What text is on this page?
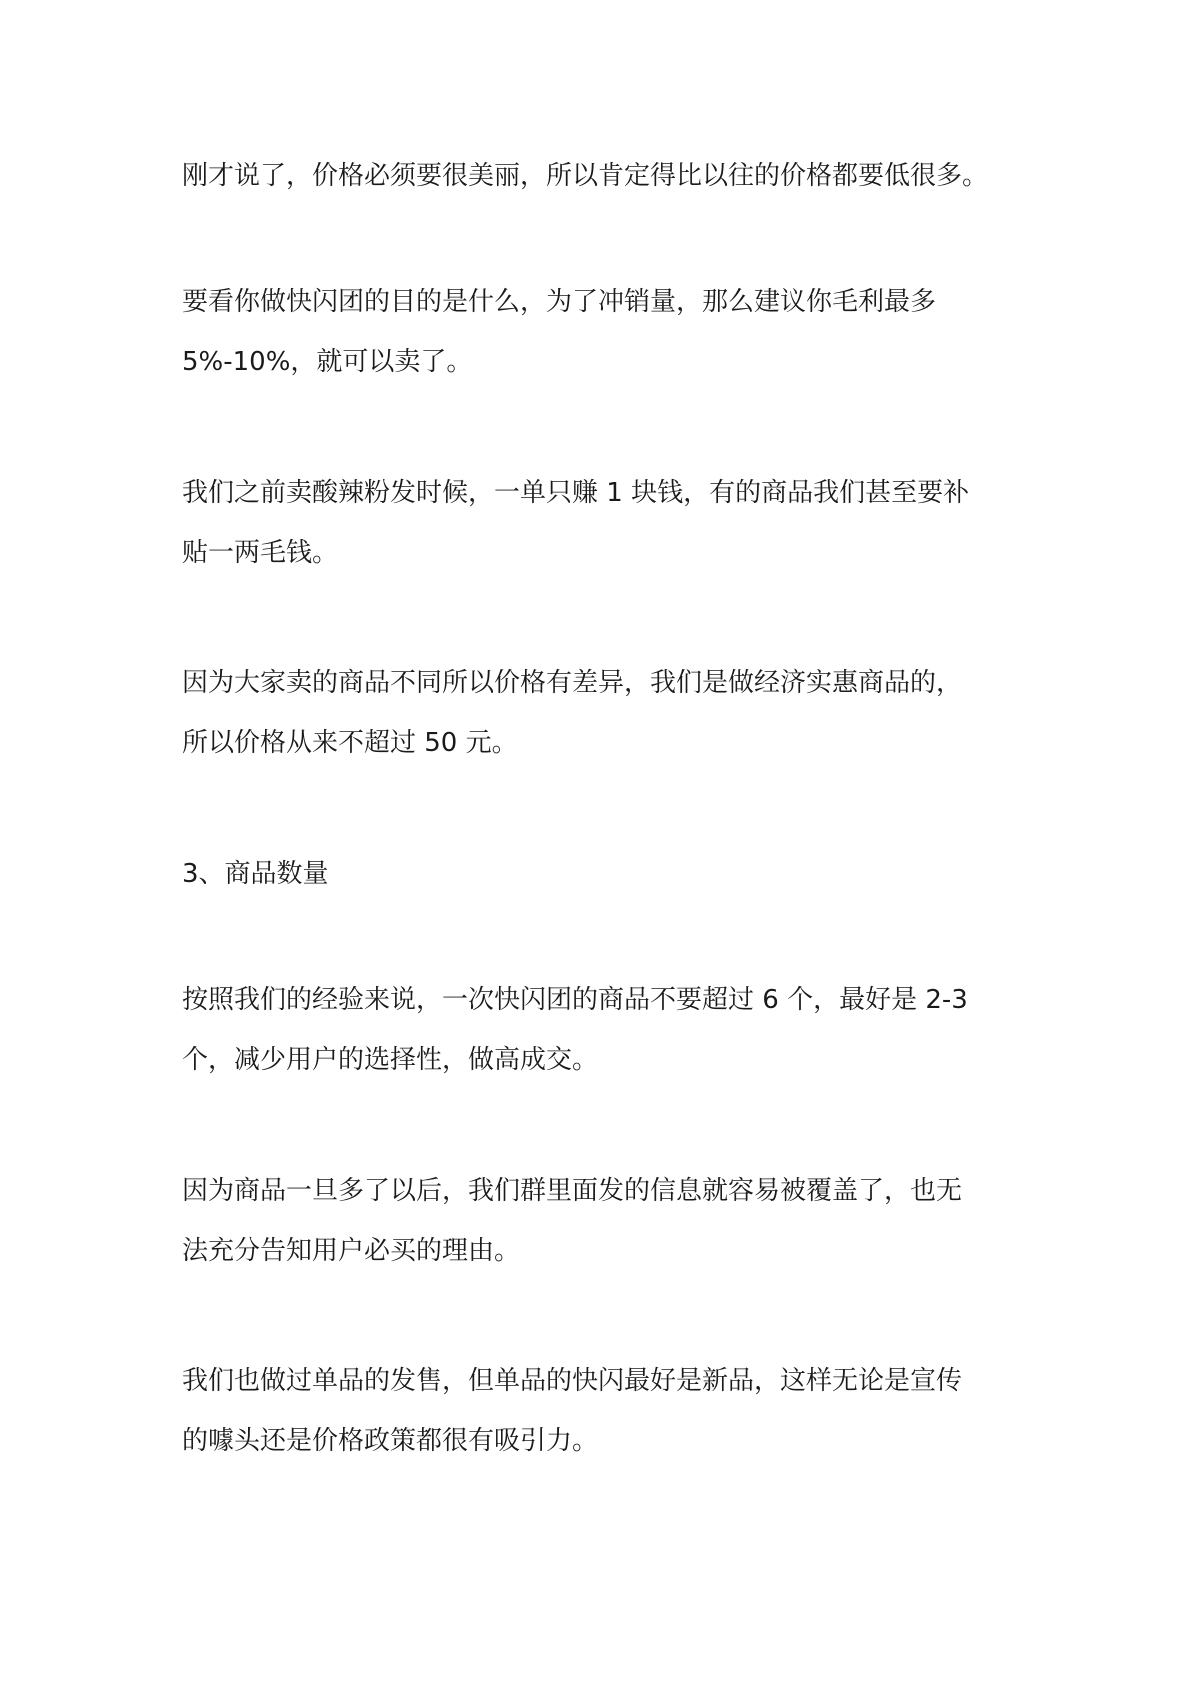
刚才说了，价格必须要很美丽，所以肯定得比以往的价格都要低很多。
要看你做快闪团的目的是什么，为了冲销量，那么建议你毛利最多
5%-10%，就可以卖了。
我们之前卖酸辣粉发时候，一单只赚 1 块钱，有的商品我们甚至要补
贴一两毛钱。
因为大家卖的商品不同所以价格有差异，我们是做经济实惠商品的，
所以价格从来不超过 50 元。
3、商品数量
按照我们的经验来说，一次快闪团的商品不要超过 6 个，最好是 2-3
个，减少用户的选择性，做高成交。
因为商品一旦多了以后，我们群里面发的信息就容易被覆盖了，也无
法充分告知用户必买的理由。
我们也做过单品的发售，但单品的快闪最好是新品，这样无论是宣传
的噱头还是价格政策都很有吸引力。
